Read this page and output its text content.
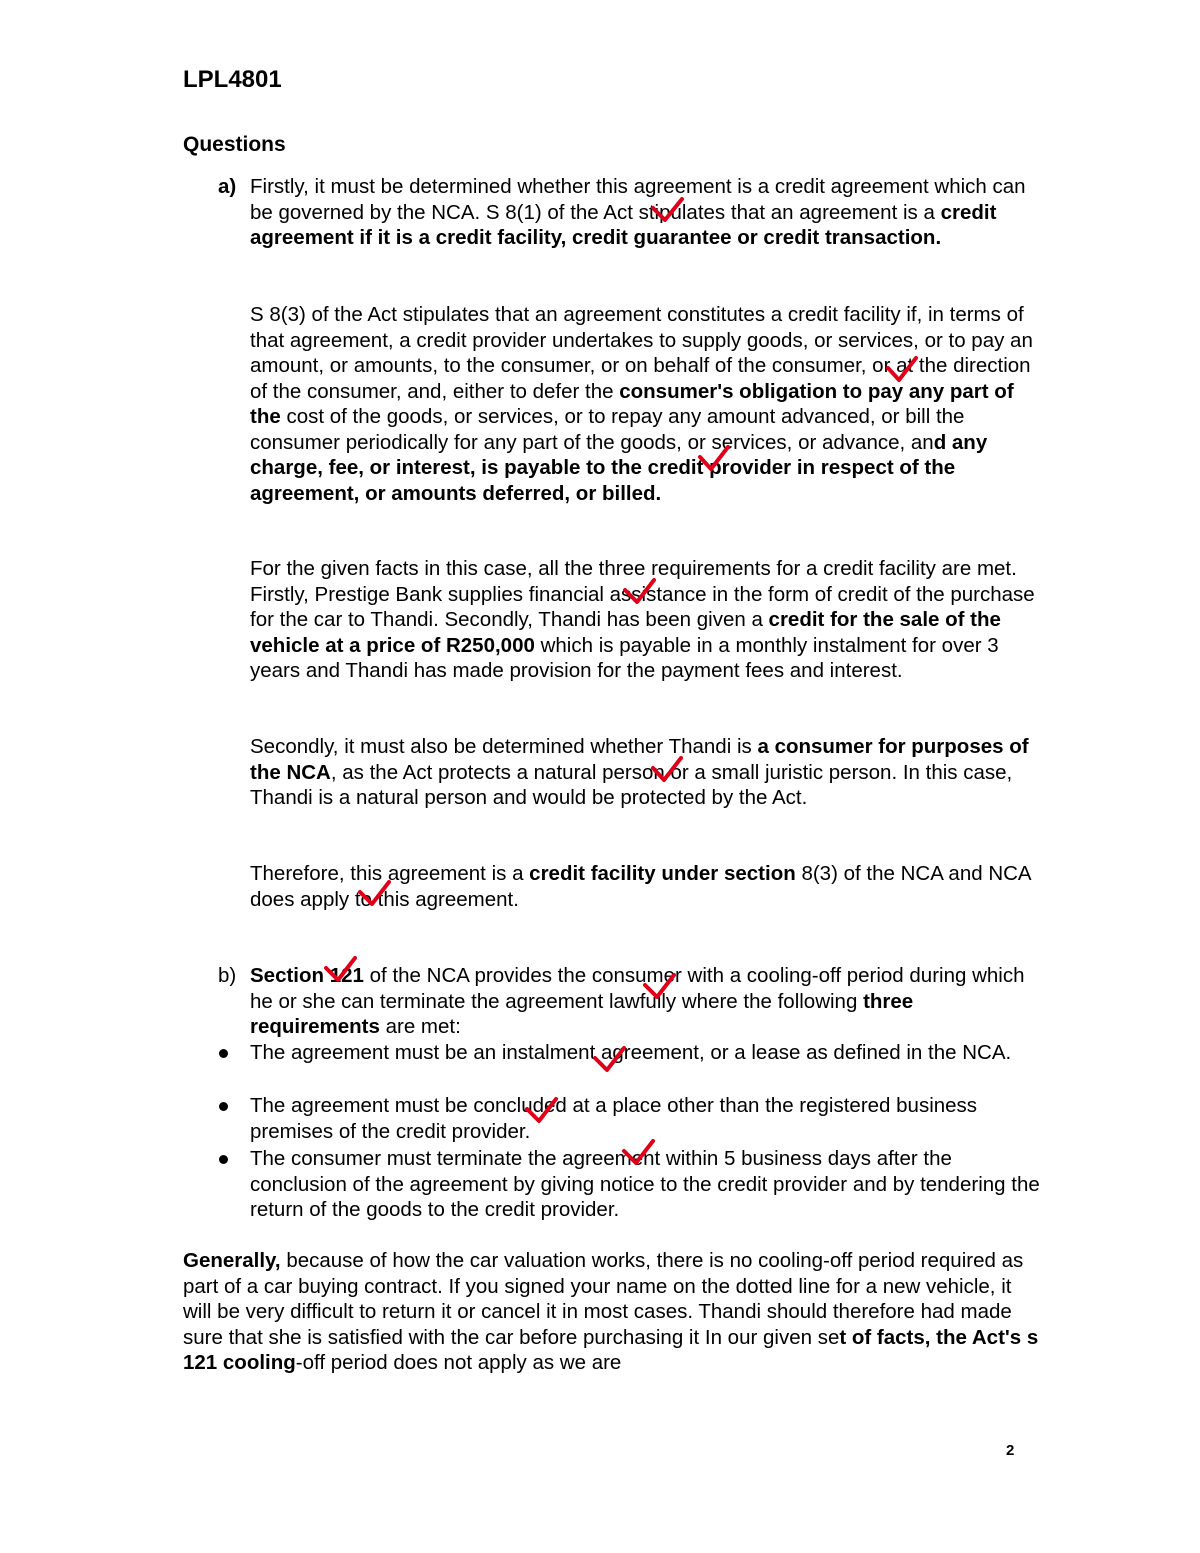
LPL4801
Questions
a) Firstly, it must be determined whether this agreement is a credit agreement which can be governed by the NCA. S 8(1) of the Act stipulates that an agreement is a credit agreement if it is a credit facility, credit guarantee or credit transaction.
S 8(3) of the Act stipulates that an agreement constitutes a credit facility if, in terms of that agreement, a credit provider undertakes to supply goods, or services, or to pay an amount, or amounts, to the consumer, or on behalf of the consumer, or at the direction of the consumer, and, either to defer the consumer's obligation to pay any part of the cost of the goods, or services, or to repay any amount advanced, or bill the consumer periodically for any part of the goods, or services, or advance, and any charge, fee, or interest, is payable to the credit provider in respect of the agreement, or amounts deferred, or billed.
For the given facts in this case, all the three requirements for a credit facility are met. Firstly, Prestige Bank supplies financial assistance in the form of credit of the purchase for the car to Thandi. Secondly, Thandi has been given a credit for the sale of the vehicle at a price of R250,000 which is payable in a monthly instalment for over 3 years and Thandi has made provision for the payment fees and interest.
Secondly, it must also be determined whether Thandi is a consumer for purposes of the NCA, as the Act protects a natural person or a small juristic person. In this case, Thandi is a natural person and would be protected by the Act.
Therefore, this agreement is a credit facility under section 8(3) of the NCA and NCA does apply to this agreement.
b) Section 121 of the NCA provides the consumer with a cooling-off period during which he or she can terminate the agreement lawfully where the following three requirements are met:
The agreement must be an instalment agreement, or a lease as defined in the NCA.
The agreement must be concluded at a place other than the registered business premises of the credit provider.
The consumer must terminate the agreement within 5 business days after the conclusion of the agreement by giving notice to the credit provider and by tendering the return of the goods to the credit provider.
Generally, because of how the car valuation works, there is no cooling-off period required as part of a car buying contract. If you signed your name on the dotted line for a new vehicle, it will be very difficult to return it or cancel it in most cases. Thandi should therefore had made sure that she is satisfied with the car before purchasing it In our given set of facts, the Act's s 121 cooling-off period does not apply as we are
2
